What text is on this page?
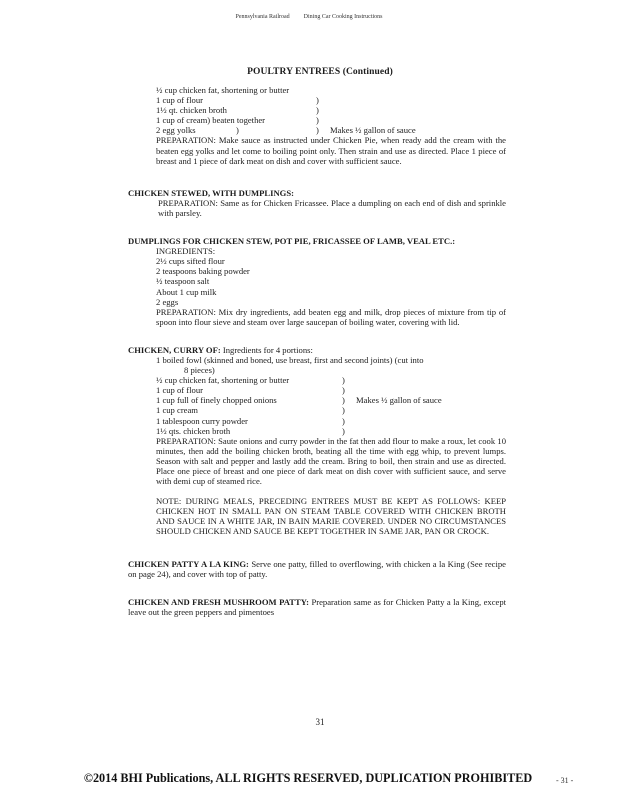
Pennsylvania Railroad Dining Car Cooking Instructions
POULTRY ENTREES (Continued)
½ cup chicken fat, shortening or butter
1 cup of flour	)
1½ qt. chicken broth	)
1 cup of cream) beaten together	)
2 egg yolks	)	) Makes ½ gallon of sauce
PREPARATION: Make sauce as instructed under Chicken Pie, when ready add the cream with the beaten egg yolks and let come to boiling point only. Then strain and use as directed. Place 1 piece of breast and 1 piece of dark meat on dish and cover with sufficient sauce.
CHICKEN STEWED, WITH DUMPLINGS:
PREPARATION: Same as for Chicken Fricassee. Place a dumpling on each end of dish and sprinkle with parsley.
DUMPLINGS FOR CHICKEN STEW, POT PIE, FRICASSEE OF LAMB, VEAL ETC.:
INGREDIENTS:
2½ cups sifted flour
2 teaspoons baking powder
½ teaspoon salt
About 1 cup milk
2 eggs
PREPARATION: Mix dry ingredients, add beaten egg and milk, drop pieces of mixture from tip of spoon into flour sieve and steam over large saucepan of boiling water, covering with lid.
CHICKEN, CURRY OF: Ingredients for 4 portions:
1 boiled fowl (skinned and boned, use breast, first and second joints) (cut into
8 pieces)
½ cup chicken fat, shortening or butter	)
1 cup of flour	)
1 cup full of finely chopped onions	) Makes ½ gallon of sauce
1 cup cream	)
1 tablespoon curry powder	)
1½ qts. chicken broth	)
PREPARATION: Saute onions and curry powder in the fat then add flour to make a roux, let cook 10 minutes, then add the boiling chicken broth, beating all the time with egg whip, to prevent lumps. Season with salt and pepper and lastly add the cream. Bring to boil, then strain and use as directed. Place one piece of breast and one piece of dark meat on dish cover with sufficient sauce, and serve with demi cup of steamed rice.
NOTE: DURING MEALS, PRECEDING ENTREES MUST BE KEPT AS FOLLOWS: KEEP CHICKEN HOT IN SMALL PAN ON STEAM TABLE COVERED WITH CHICKEN BROTH AND SAUCE IN A WHITE JAR, IN BAIN MARIE COVERED. UNDER NO CIRCUMSTANCES SHOULD CHICKEN AND SAUCE BE KEPT TOGETHER IN SAME JAR, PAN OR CROCK.
CHICKEN PATTY A LA KING: Serve one patty, filled to overflowing, with chicken a la King (See recipe on page 24), and cover with top of patty.
CHICKEN AND FRESH MUSHROOM PATTY: Preparation same as for Chicken Patty a la King, except leave out the green peppers and pimentoes
31
©2014 BHI Publications, ALL RIGHTS RESERVED, DUPLICATION PROHIBITED	- 31 -
